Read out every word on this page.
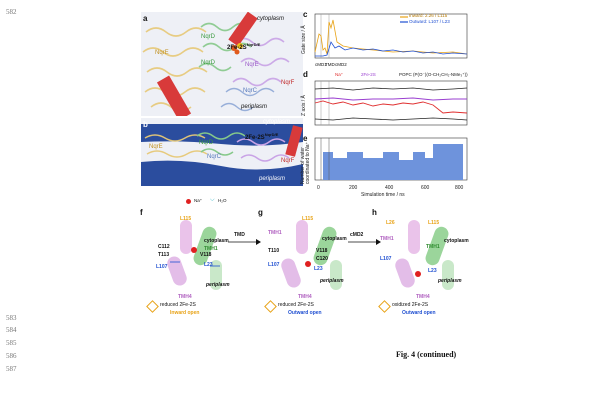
582
583
584
585
586
587
a	cytoplasm
periplasm
$2Fe-2S^{NqrD/E}$
NqrE
NqrD
NqrD	NqrE
NqrC
NqrF
b	cytoplasm
periplasm
$2Fe-2S^{NqrD/E}$
NqrE
NqrD
NqrC
NqrF
c
Gate size / Å
Inward: 2.26 / L115
Outward: L107 / L23
cMD1
TMD cMD2
d
Z axis / Å
Na⁺	2Fe-2S	POPC (P(O⁻)(O-CH₂CH₂-NMe₃⁺))
e
Number of water coordinated to Na⁺
0	200	400	600	800
Simulation time / ns
Na⁺ ⌵ H₂O
f
cytoplasm
periplasm
L115
C112
T113	V118
L23
L107
TMH1
TMH4
reduced 2Fe-2S
Inward open
TMD
g
cytoplasm
periplasm
L115
TMH1
T110	V118
C120
L107
L23
TMH4
reduced 2Fe-2S
Outward open
cMD2
h
cytoplasm
periplasm
L26	L115
TMH1
TMH1
L107
L23
TMH4
oxidized 2Fe-2S
Outward open
Fig. 4 (continued)
